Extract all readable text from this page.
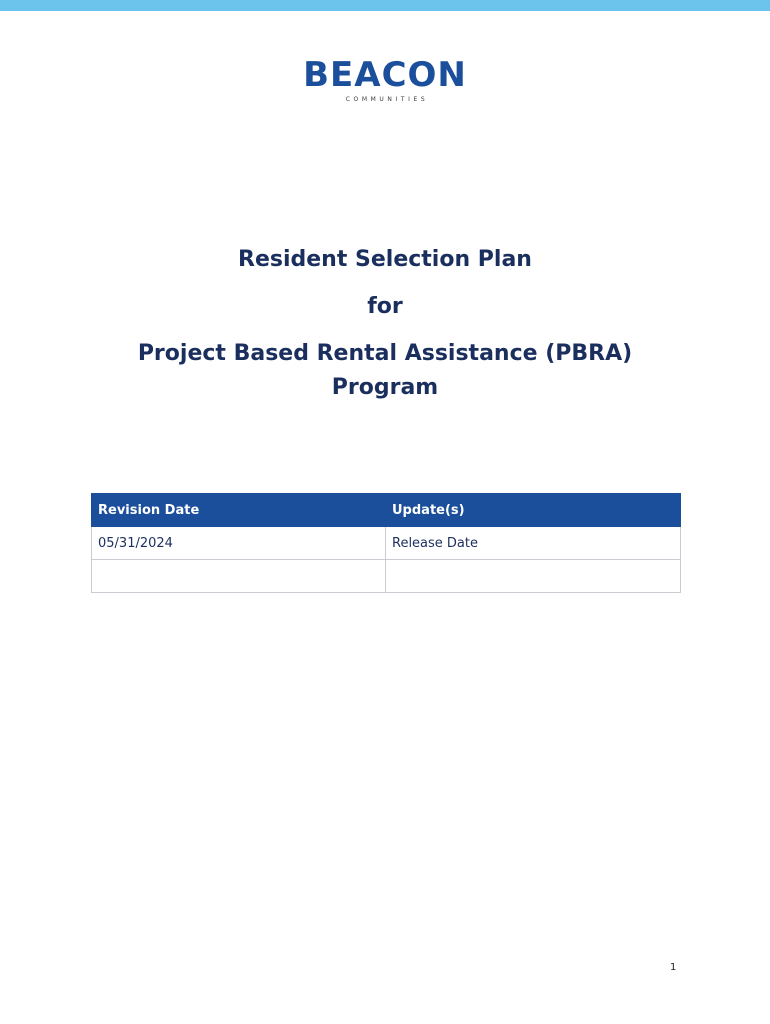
BEACON
COMMUNITIES
Resident Selection Plan
for
Project Based Rental Assistance (PBRA)
Program
Revision Date	Update(s)
05/31/2024	Release Date

1
